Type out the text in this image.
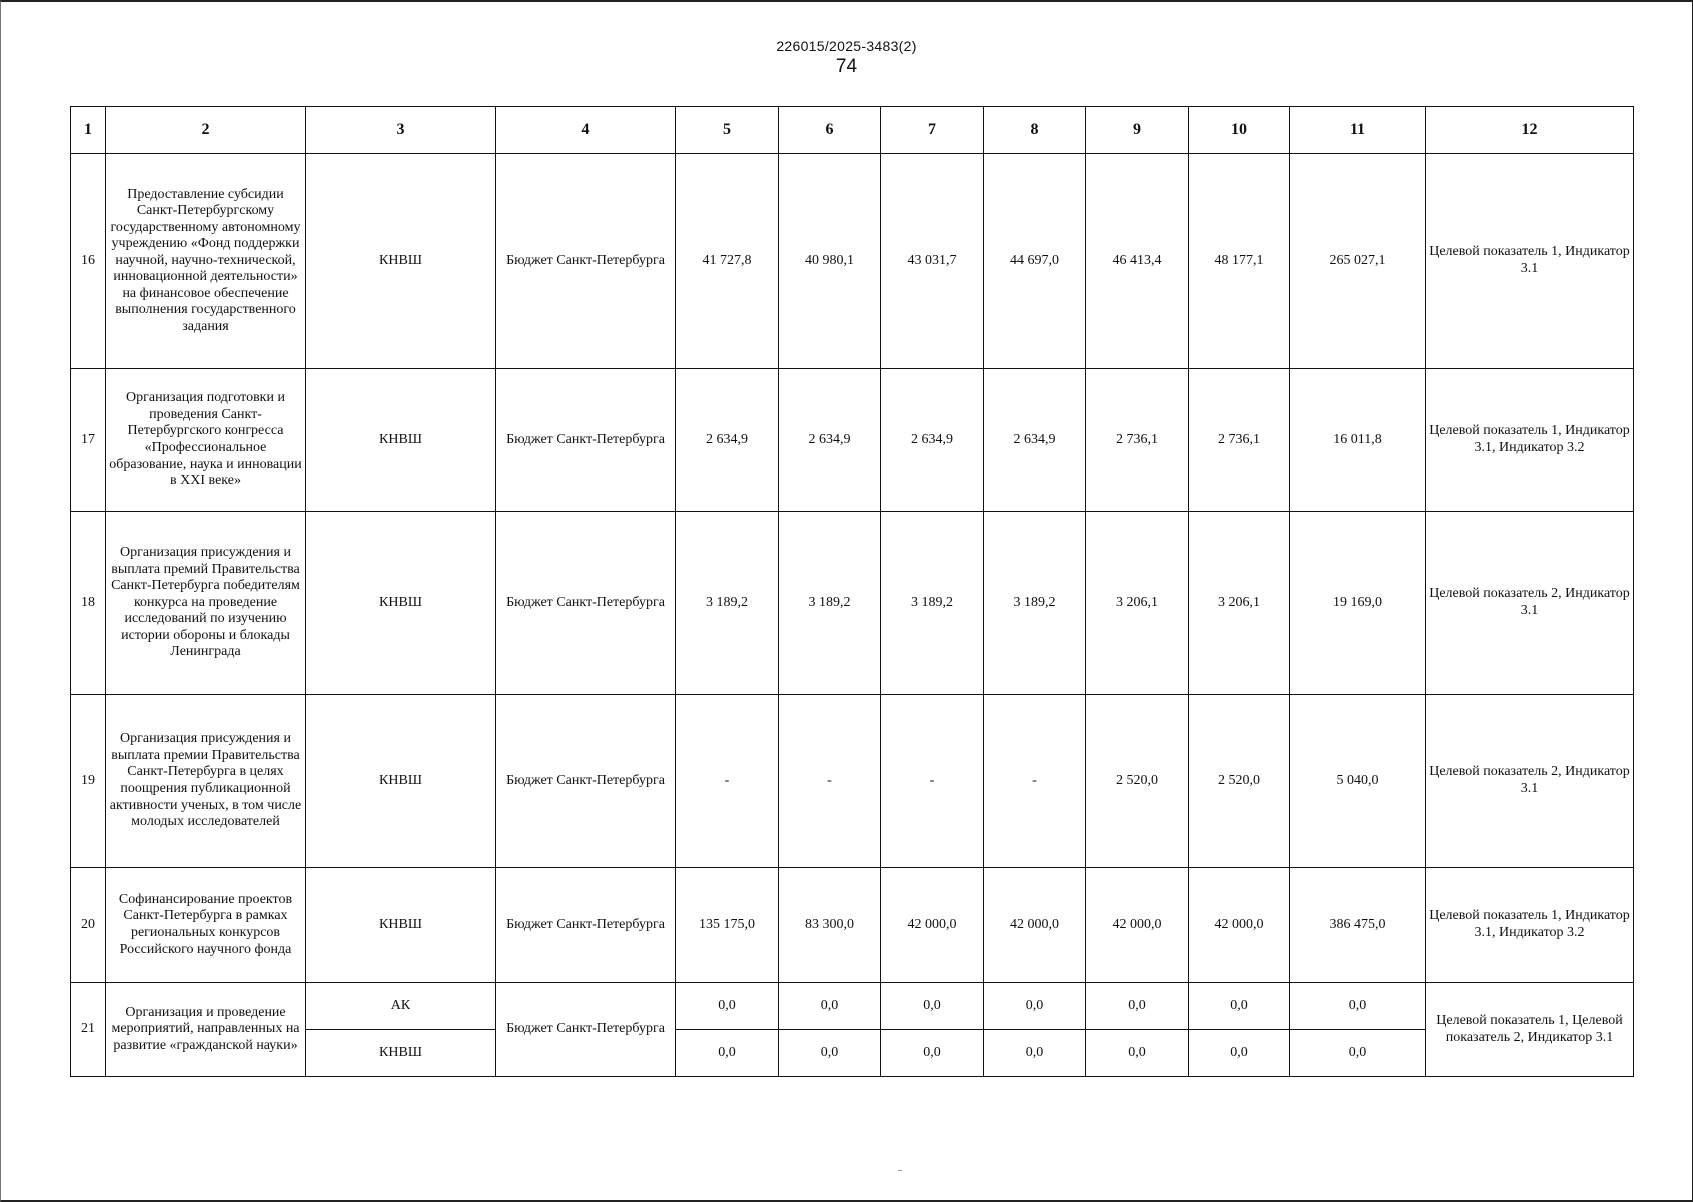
226015/2025-3483(2)
74
1	2	3	4	5	6	7	8	9	10	11	12
16	Предоставление субсидии Санкт-Петербургскому государственному автономному учреждению «Фонд поддержки научной, научно-технической, инновационной деятельности» на финансовое обеспечение выполнения государственного задания	КНВШ	Бюджет Санкт-Петербурга	41 727,8	40 980,1	43 031,7	44 697,0	46 413,4	48 177,1	265 027,1	Целевой показатель 1, Индикатор 3.1
17	Организация подготовки и проведения Санкт-Петербургского конгресса «Профессиональное образование, наука и инновации в XXI веке»	КНВШ	Бюджет Санкт-Петербурга	2 634,9	2 634,9	2 634,9	2 634,9	2 736,1	2 736,1	16 011,8	Целевой показатель 1, Индикатор 3.1, Индикатор 3.2
18	Организация присуждения и выплата премий Правительства Санкт-Петербурга победителям конкурса на проведение исследований по изучению истории обороны и блокады Ленинграда	КНВШ	Бюджет Санкт-Петербурга	3 189,2	3 189,2	3 189,2	3 189,2	3 206,1	3 206,1	19 169,0	Целевой показатель 2, Индикатор 3.1
19	Организация присуждения и выплата премии Правительства Санкт-Петербурга в целях поощрения публикационной активности ученых, в том числе молодых исследователей	КНВШ	Бюджет Санкт-Петербурга	-	-	-	-	2 520,0	2 520,0	5 040,0	Целевой показатель 2, Индикатор 3.1
20	Софинансирование проектов Санкт-Петербурга в рамках региональных конкурсов Российского научного фонда	КНВШ	Бюджет Санкт-Петербурга	135 175,0	83 300,0	42 000,0	42 000,0	42 000,0	42 000,0	386 475,0	Целевой показатель 1, Индикатор 3.1, Индикатор 3.2
21	Организация и проведение мероприятий, направленных на развитие «гражданской науки»	АК	Бюджет Санкт-Петербурга	0,0	0,0	0,0	0,0	0,0	0,0	0,0	Целевой показатель 1, Целевой показатель 2, Индикатор 3.1
		КНВШ		0,0	0,0	0,0	0,0	0,0	0,0	0,0	
